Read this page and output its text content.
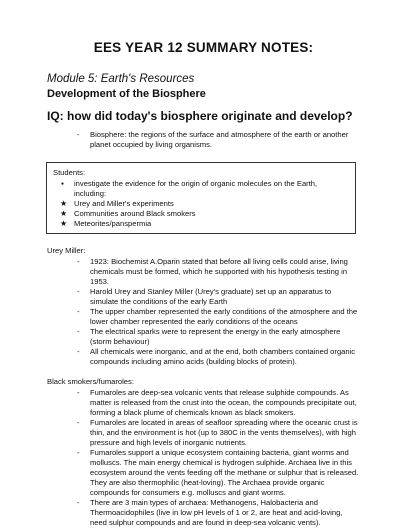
EES YEAR 12 SUMMARY NOTES:
Module 5: Earth's Resources
Development of the Biosphere
IQ: how did today's biosphere originate and develop?
- Biosphere: the regions of the surface and atmosphere of the earth or another planet occupied by living organisms.
Students:
● investigate the evidence for the origin of organic molecules on the Earth, including:
★ Urey and Miller's experiments
★ Communities around Black smokers
★ Meteorites/panspermia
Urey Miller:
- 1923: Biochemist A.Oparin stated that before all living cells could arise, living chemicals must be formed, which he supported with his hypothesis testing in 1953.
- Harold Urey and Stanley Miller (Urey's graduate) set up an apparatus to simulate the conditions of the early Earth
- The upper chamber represented the early conditions of the atmosphere and the lower chamber represented the early conditions of the oceans
- The electrical sparks were to represent the energy in the early atmosphere (storm behaviour)
- All chemicals were inorganic, and at the end, both chambers contained organic compounds including amino acids (building blocks of protein).
Black smokers/fumaroles:
- Fumaroles are deep-sea volcanic vents that release sulphide compounds. As matter is released from the crust into the ocean, the compounds precipitate out, forming a black plume of chemicals known as black smokers.
- Fumaroles are located in areas of seafloor spreading where the oceanic crust is thin, and the environment is hot (up to 380C in the vents themselves), with high pressure and high levels of inorganic nutrients.
- Fumaroles support a unique ecosystem containing bacteria, giant worms and molluscs. The main energy chemical is hydrogen sulphide. Archaea live in this ecosystem around the vents feeding off the methane or sulphur that is released. They are also thermophilic (heat-loving). The Archaea provide organic compounds for consumers e.g. molluscs and giant worms.
- There are 3 main types of archaea: Methanogens, Halobacteria and Thermoacidophiles (live in low pH levels of 1 or 2, are heat and acid-loving, need sulphur compounds and are found in deep-sea volcanic vents).
